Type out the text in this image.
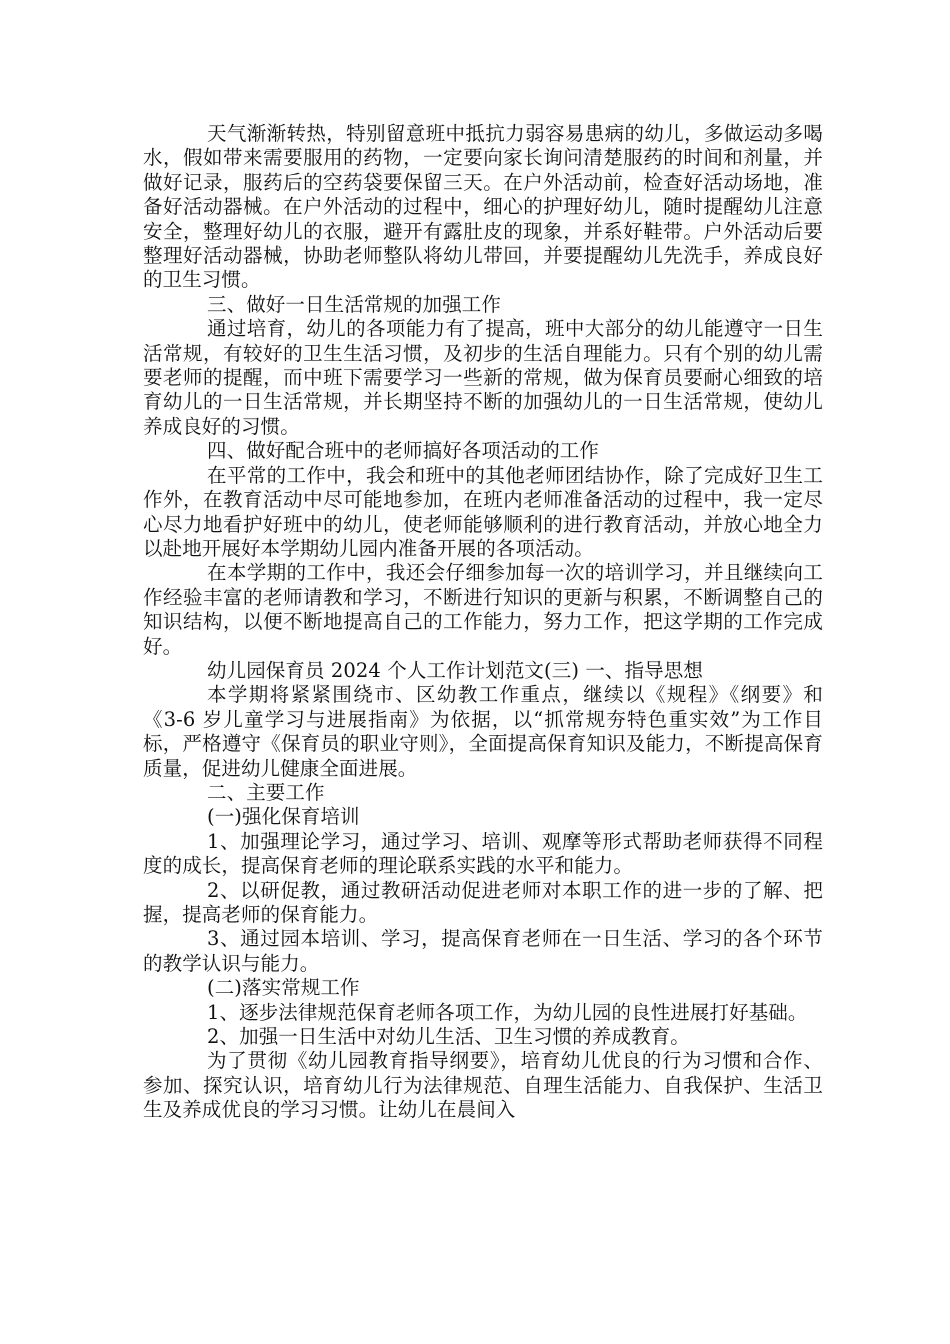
天气渐渐转热，特别留意班中抵抗力弱容易患病的幼儿，多做运动多喝水，假如带来需要服用的药物，一定要向家长询问清楚服药的时间和剂量，并做好记录，服药后的空药袋要保留三天。在户外活动前，检查好活动场地，准备好活动器械。在户外活动的过程中，细心的护理好幼儿，随时提醒幼儿注意安全，整理好幼儿的衣服，避开有露肚皮的现象，并系好鞋带。户外活动后要整理好活动器械，协助老师整队将幼儿带回，并要提醒幼儿先洗手，养成良好的卫生习惯。

三、做好一日生活常规的加强工作

通过培育，幼儿的各项能力有了提高，班中大部分的幼儿能遵守一日生活常规，有较好的卫生生活习惯，及初步的生活自理能力。只有个别的幼儿需要老师的提醒，而中班下需要学习一些新的常规，做为保育员要耐心细致的培育幼儿的一日生活常规，并长期坚持不断的加强幼儿的一日生活常规，使幼儿养成良好的习惯。

四、做好配合班中的老师搞好各项活动的工作

在平常的工作中，我会和班中的其他老师团结协作，除了完成好卫生工作外，在教育活动中尽可能地参加，在班内老师准备活动的过程中，我一定尽心尽力地看护好班中的幼儿，使老师能够顺利的进行教育活动，并放心地全力以赴地开展好本学期幼儿园内准备开展的各项活动。

在本学期的工作中，我还会仔细参加每一次的培训学习，并且继续向工作经验丰富的老师请教和学习，不断进行知识的更新与积累，不断调整自己的知识结构，以便不断地提高自己的工作能力，努力工作，把这学期的工作完成好。

幼儿园保育员 2024 个人工作计划范文(三) 一、指导思想

本学期将紧紧围绕市、区幼教工作重点，继续以《规程》《纲要》和《3-6 岁儿童学习与进展指南》为依据，以“抓常规夯特色重实效”为工作目标，严格遵守《保育员的职业守则》，全面提高保育知识及能力，不断提高保育质量，促进幼儿健康全面进展。

二、主要工作

(一)强化保育培训

1、加强理论学习，通过学习、培训、观摩等形式帮助老师获得不同程度的成长，提高保育老师的理论联系实践的水平和能力。

2、以研促教，通过教研活动促进老师对本职工作的进一步的了解、把握，提高老师的保育能力。

3、通过园本培训、学习，提高保育老师在一日生活、学习的各个环节的教学认识与能力。

(二)落实常规工作

1、逐步法律规范保育老师各项工作，为幼儿园的良性进展打好基础。

2、加强一日生活中对幼儿生活、卫生习惯的养成教育。

为了贯彻《幼儿园教育指导纲要》，培育幼儿优良的行为习惯和合作、参加、探究认识，培育幼儿行为法律规范、自理生活能力、自我保护、生活卫生及养成优良的学习习惯。让幼儿在晨间入
